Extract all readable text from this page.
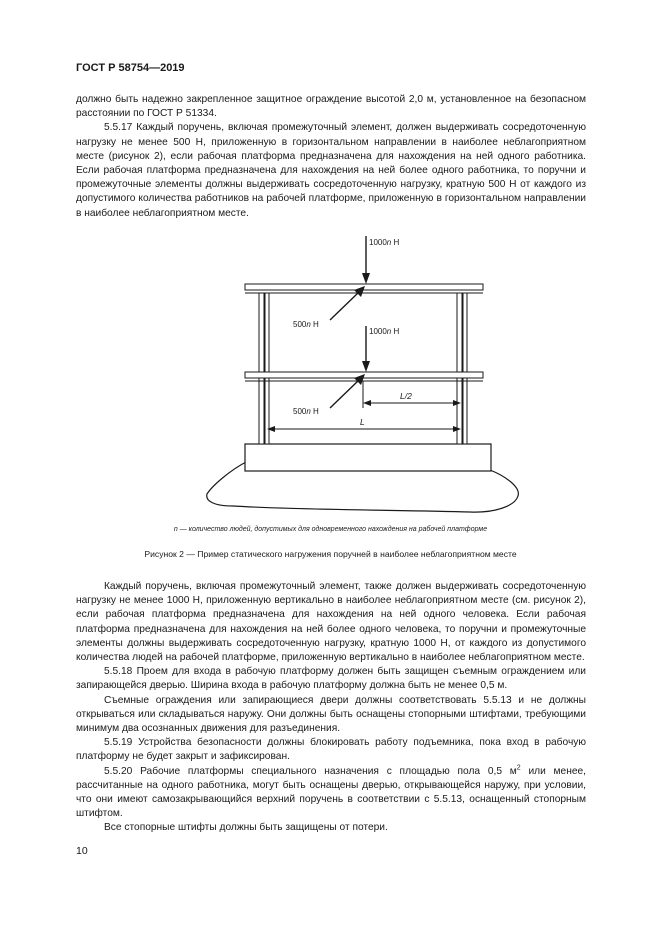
ГОСТ Р 58754—2019

должно быть надежно закрепленное защитное ограждение высотой 2,0 м, установленное на безопасном расстоянии по ГОСТ Р 51334.

5.5.17 Каждый поручень, включая промежуточный элемент, должен выдерживать сосредоточенную нагрузку не менее 500 Н, приложенную в горизонтальном направлении в наиболее неблагоприятном месте (рисунок 2), если рабочая платформа предназначена для нахождения на ней одного работника. Если рабочая платформа предназначена для нахождения на ней более одного работника, то поручни и промежуточные элементы должны выдерживать сосредоточенную нагрузку, кратную 500 Н от каждого из допустимого количества работников на рабочей платформе, приложенную в горизонтальном направлении в наиболее неблагоприятном месте.

1000n Н
500n Н
1000n Н
500n Н
L/2
L
n — количество людей, допустимых для одновременного нахождения на рабочей платформе
Рисунок 2 — Пример статического нагружения поручней в наиболее неблагоприятном месте

Каждый поручень, включая промежуточный элемент, также должен выдерживать сосредоточенную нагрузку не менее 1000 Н, приложенную вертикально в наиболее неблагоприятном месте (см. рисунок 2), если рабочая платформа предназначена для нахождения на ней одного человека. Если рабочая платформа предназначена для нахождения на ней более одного человека, то поручни и промежуточные элементы должны выдерживать сосредоточенную нагрузку, кратную 1000 Н, от каждого из допустимого количества людей на рабочей платформе, приложенную вертикально в наиболее неблагоприятном месте.

5.5.18 Проем для входа в рабочую платформу должен быть защищен съемным ограждением или запирающейся дверью. Ширина входа в рабочую платформу должна быть не менее 0,5 м.

Съемные ограждения или запирающиеся двери должны соответствовать 5.5.13 и не должны открываться или складываться наружу. Они должны быть оснащены стопорными штифтами, требующими минимум два осознанных движения для разъединения.

5.5.19 Устройства безопасности должны блокировать работу подъемника, пока вход в рабочую платформу не будет закрыт и зафиксирован.

5.5.20 Рабочие платформы специального назначения с площадью пола 0,5 $м^2$ или менее, рассчитанные на одного работника, могут быть оснащены дверью, открывающейся наружу, при условии, что они имеют самозакрывающийся верхний поручень в соответствии с 5.5.13, оснащенный стопорным штифтом.

Все стопорные штифты должны быть защищены от потери.

10
